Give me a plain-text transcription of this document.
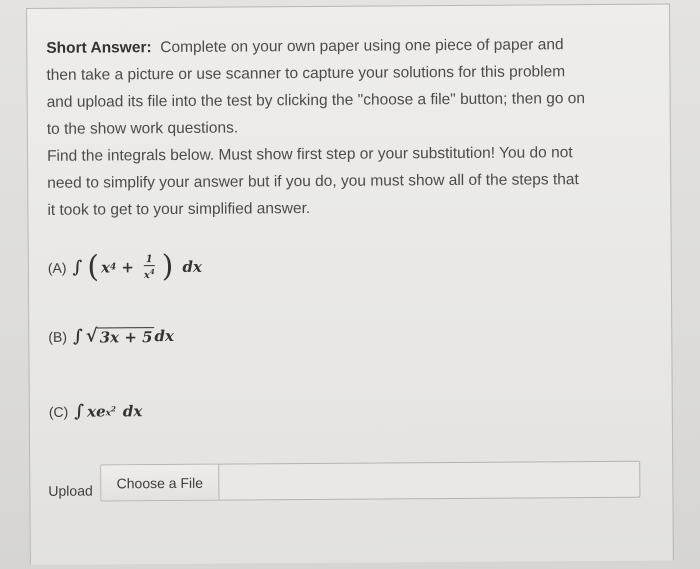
Short Answer: Complete on your own paper using one piece of paper and
then take a picture or use scanner to capture your solutions for this problem
and upload its file into the test by clicking the "choose a file" button; then go on
to the show work questions.
Find the integrals below. Must show first step or your substitution! You do not
need to simplify your answer but if you do, you must show all of the steps that
it took to get to your simplified answer.
(A) ∫ ( x $4 + \frac{1}{x^4}$ ) dx
(B) ∫ √ 3x + 5 dx
(C) ∫ xe $x^2$ dx
Upload	Choose a File
